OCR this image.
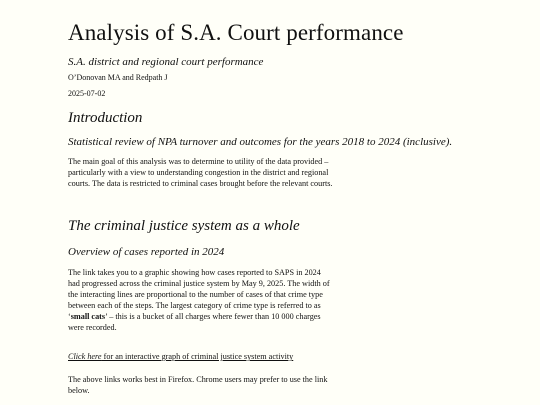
Analysis of S.A. Court performance
S.A. district and regional court performance
O’Donovan MA and Redpath J
2025-07-02
Introduction
Statistical review of NPA turnover and outcomes for the years 2018 to 2024 (inclusive).

The main goal of this analysis was to determine to utility of the data provided – particularly with a view to understanding congestion in the district and regional courts. The data is restricted to criminal cases brought before the relevant courts.

The criminal justice system as a whole
Overview of cases reported in 2024

The link takes you to a graphic showing how cases reported to SAPS in 2024 had progressed across the criminal justice system by May 9, 2025. The width of the interacting lines are proportional to the number of cases of that crime type between each of the steps. The largest category of crime type is referred to as ‘small cats’ – this is a bucket of all charges where fewer than 10 000 charges were recorded.

Click here for an interactive graph of criminal justice system activity

The above links works best in Firefox. Chrome users may prefer to use the link below.
